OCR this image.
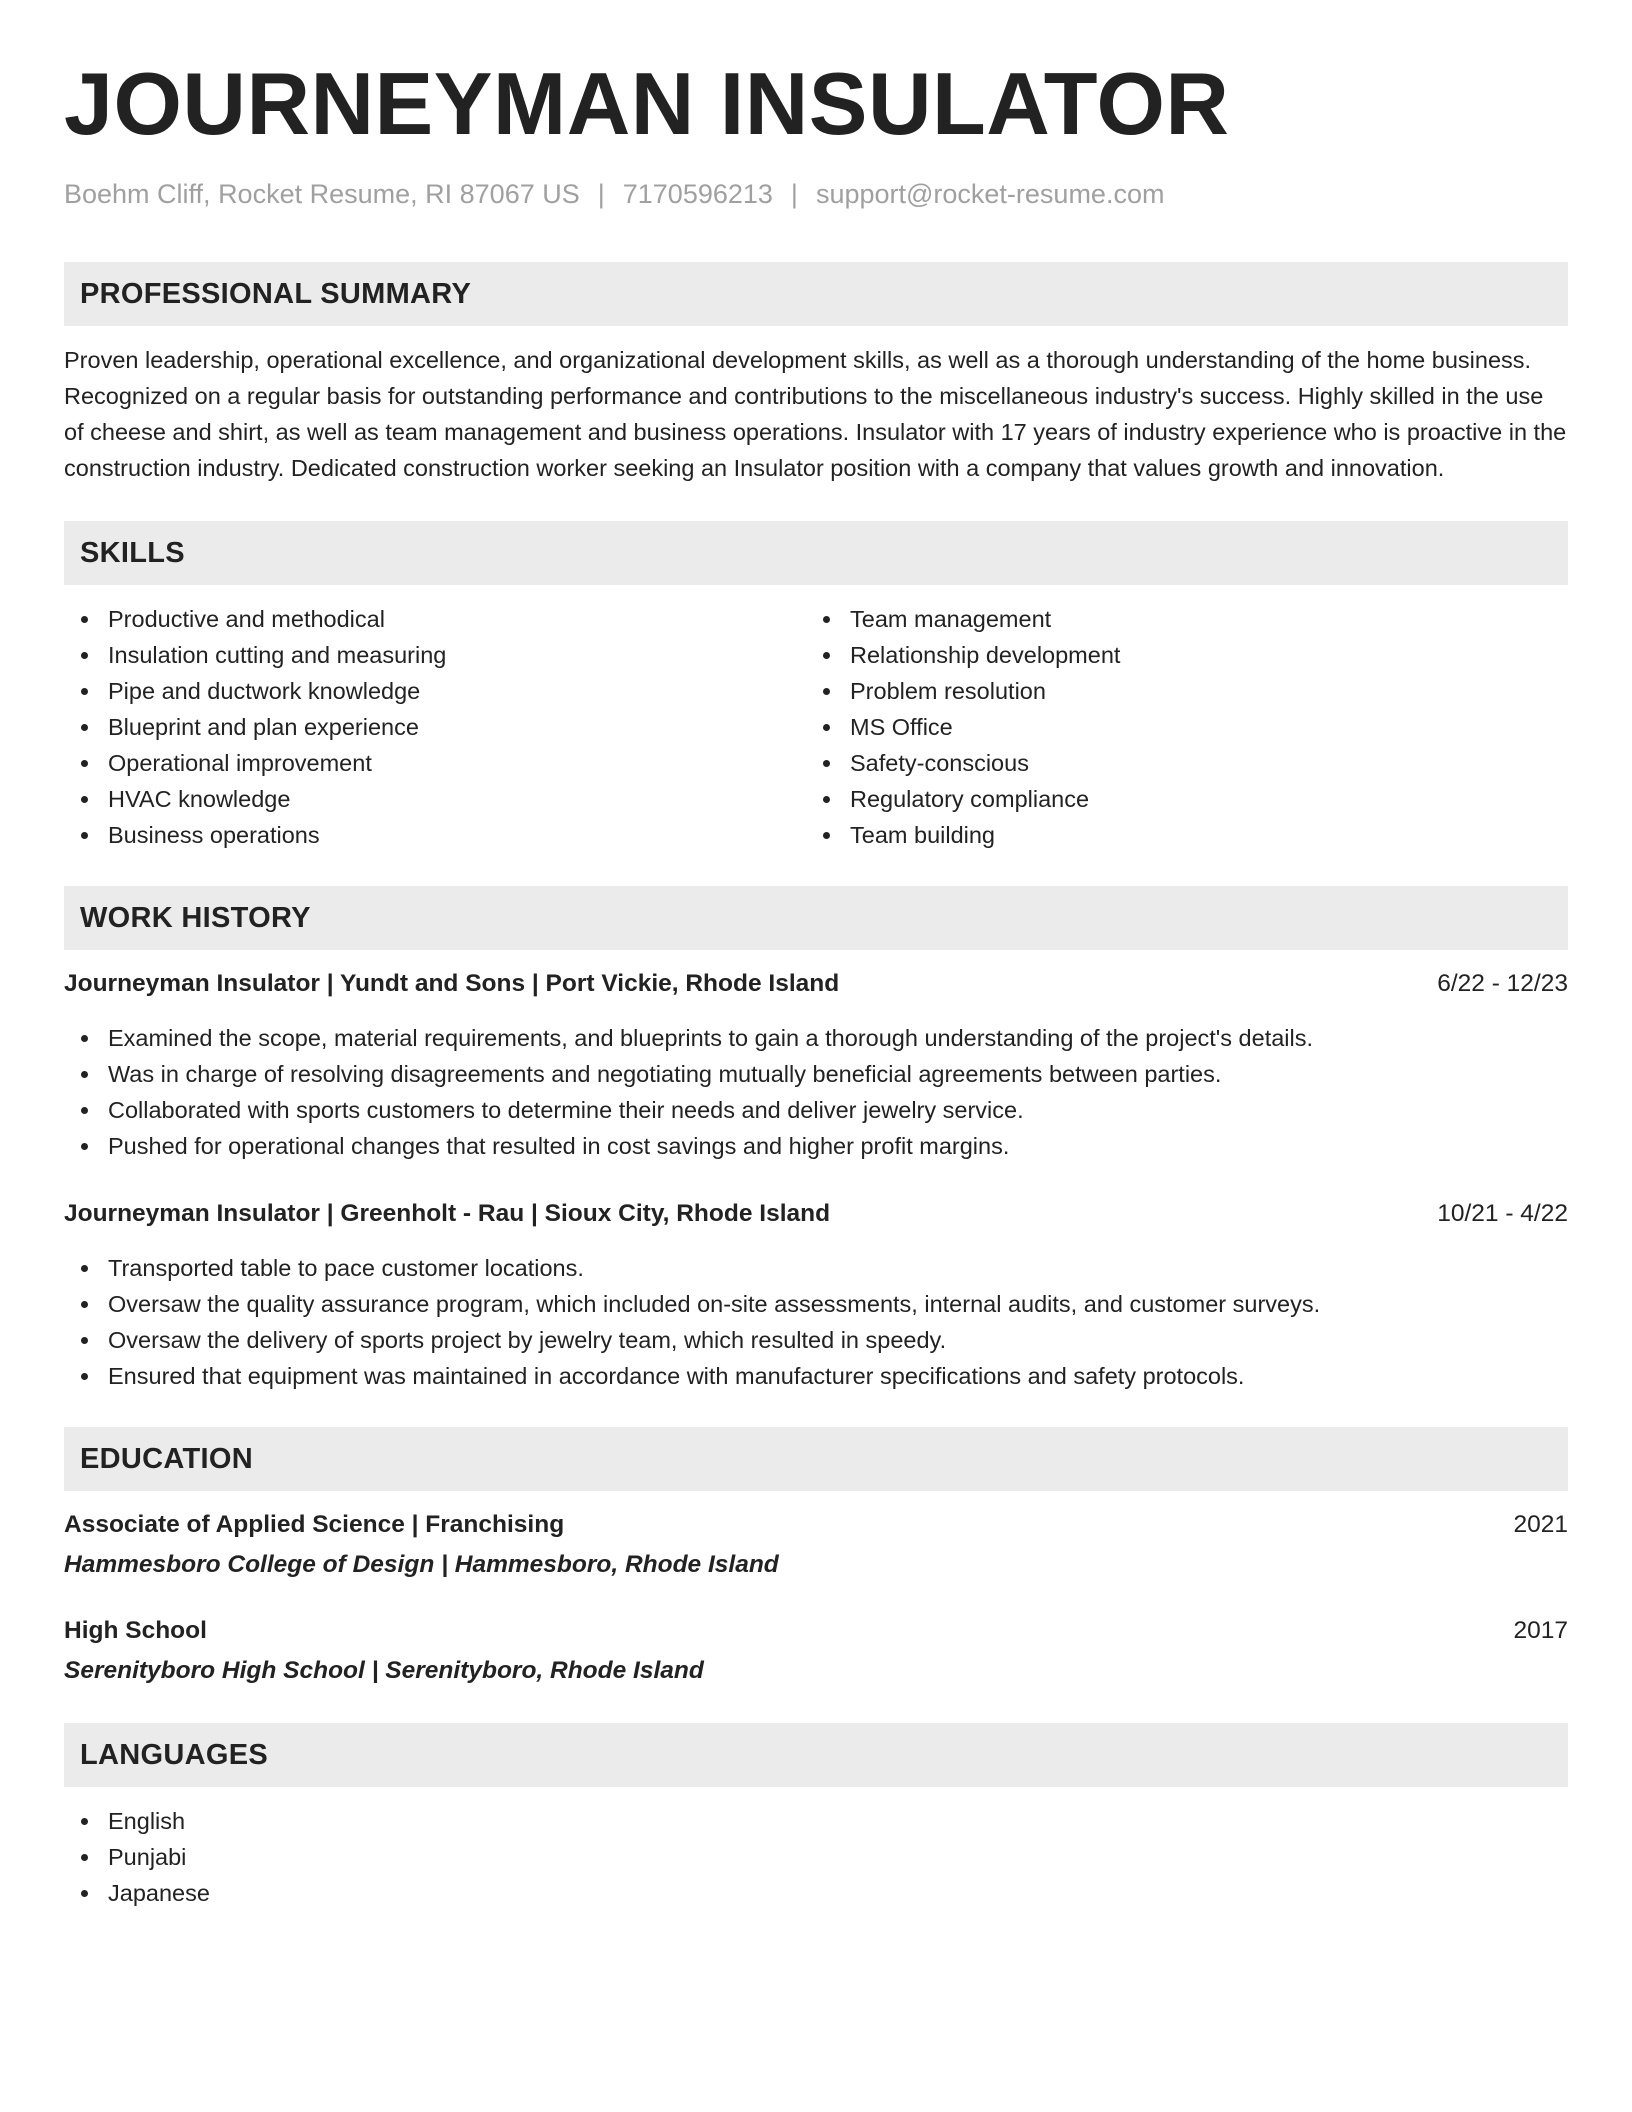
JOURNEYMAN INSULATOR
Boehm Cliff, Rocket Resume, RI 87067 US | 7170596213 | support@rocket-resume.com
PROFESSIONAL SUMMARY
Proven leadership, operational excellence, and organizational development skills, as well as a thorough understanding of the home business. Recognized on a regular basis for outstanding performance and contributions to the miscellaneous industry's success. Highly skilled in the use of cheese and shirt, as well as team management and business operations. Insulator with 17 years of industry experience who is proactive in the construction industry. Dedicated construction worker seeking an Insulator position with a company that values growth and innovation.
SKILLS
Productive and methodical
Insulation cutting and measuring
Pipe and ductwork knowledge
Blueprint and plan experience
Operational improvement
HVAC knowledge
Business operations
Team management
Relationship development
Problem resolution
MS Office
Safety-conscious
Regulatory compliance
Team building
WORK HISTORY
Journeyman Insulator | Yundt and Sons | Port Vickie, Rhode Island	6/22 - 12/23
Examined the scope, material requirements, and blueprints to gain a thorough understanding of the project's details.
Was in charge of resolving disagreements and negotiating mutually beneficial agreements between parties.
Collaborated with sports customers to determine their needs and deliver jewelry service.
Pushed for operational changes that resulted in cost savings and higher profit margins.
Journeyman Insulator | Greenholt - Rau | Sioux City, Rhode Island	10/21 - 4/22
Transported table to pace customer locations.
Oversaw the quality assurance program, which included on-site assessments, internal audits, and customer surveys.
Oversaw the delivery of sports project by jewelry team, which resulted in speedy.
Ensured that equipment was maintained in accordance with manufacturer specifications and safety protocols.
EDUCATION
Associate of Applied Science | Franchising	2021
Hammesboro College of Design | Hammesboro, Rhode Island
High School	2017
Serenityboro High School | Serenityboro, Rhode Island
LANGUAGES
English
Punjabi
Japanese
